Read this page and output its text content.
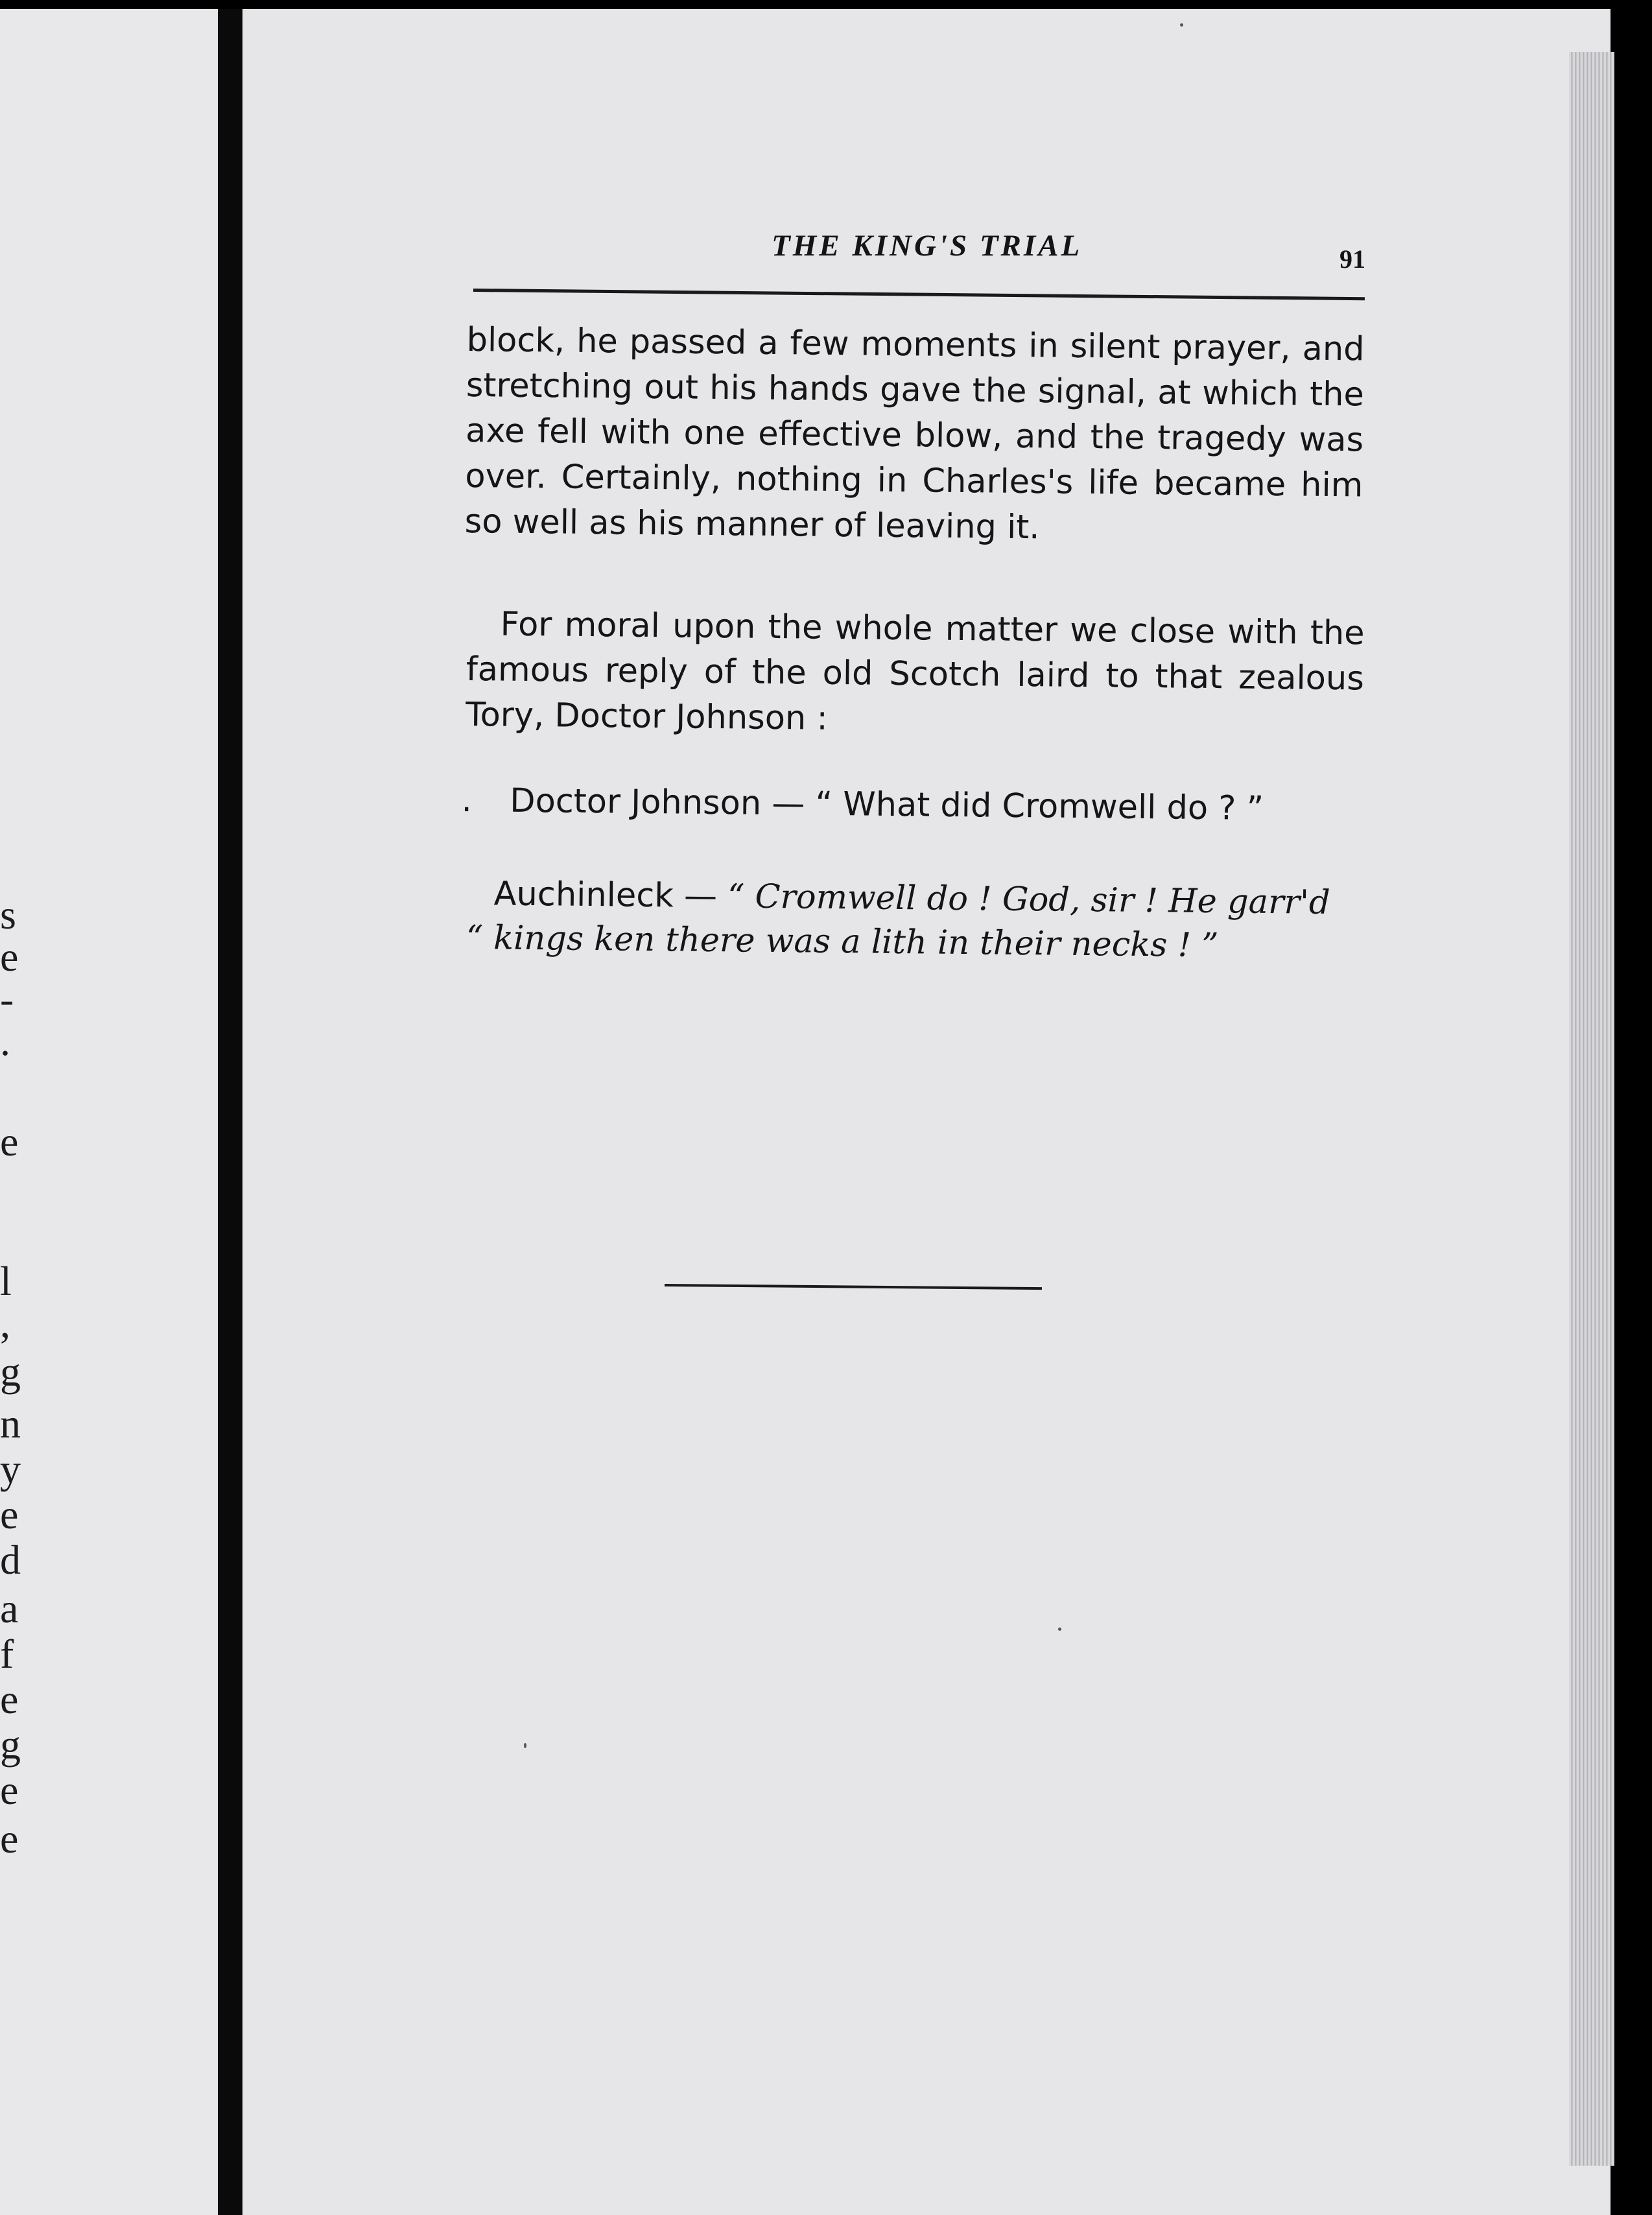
s
e
-
.
e
l
,
g
n
y
e
d
a
f
e
g
e
e
THE KING'S TRIAL	91
block, he passed a few moments in silent prayer, and
stretching out his hands gave the signal, at which the
axe fell with one effective blow, and the tragedy was
over. Certainly, nothing in Charles's life became him
so well as his manner of leaving it.
For moral upon the whole matter we close with the
famous reply of the old Scotch laird to that zealous
Tory, Doctor Johnson :
. Doctor Johnson — “ What did Cromwell do ? ”
Auchinleck — “ Cromwell do ! God, sir ! He garr'd
“ kings ken there was a lith in their necks ! ”
